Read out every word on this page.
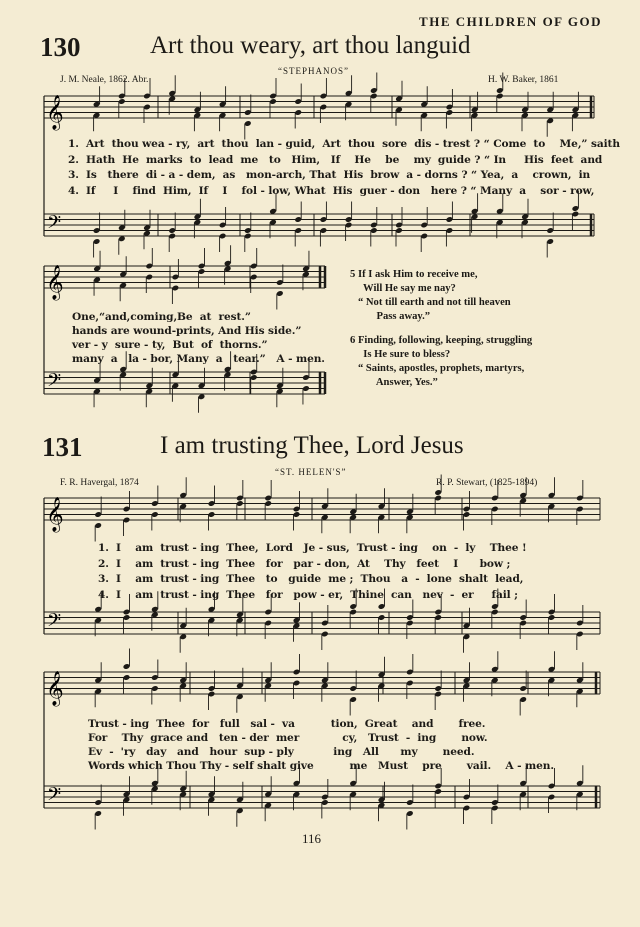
THE CHILDREN OF GOD
130	Art thou weary, art thou languid
“STEPHANOS”
J. M. Neale, 1862. Abr.	H. W. Baker, 1861
1.  Art  thou wea - ry,  art  thou  lan - guid,  Art  thou  sore  dis - trest ? “ Come  to    Me,” saith
2.  Hath  He  marks  to  lead  me   to   Him,   If    He    be    my  guide ? “ In     His  feet  and
3.  Is   there  di - a - dem,  as   mon-arch, That  His  brow  a - dorns ? “ Yea,  a    crown,  in
4.  If     I    find  Him,  If    I    fol - low, What  His  guer - don   here ? “ Many  a    sor - row,
One,“and,coming,Be  at  rest.”
hands are wound-prints, And His side.”
ver - y  sure - ty,  But  of  thorns.”
many  a   la - bor, Many  a   tear.”   A - men.
5 If I ask Him to receive me,
Will He say me nay?
“ Not till earth and not till heaven
Pass away.”
6 Finding, following, keeping, struggling
Is He sure to bless?
“ Saints, apostles, prophets, martyrs,
Answer, Yes.”
131	I am trusting Thee, Lord Jesus
“ST. HELEN'S”
F. R. Havergal, 1874	R. P. Stewart, (1825-1894)
1.  I    am  trust - ing  Thee,  Lord   Je - sus,  Trust - ing    on  -  ly    Thee !
2.  I    am  trust - ing  Thee   for   par - don,  At    Thy   feet    I      bow ;
3.  I    am  trust - ing  Thee   to   guide  me ;  Thou   a  -  lone  shalt  lead,
4.  I    am  trust - ing  Thee   for   pow - er,  Thine  can   nev  -  er     fail ;
Trust - ing  Thee  for   full   sal -  va          tion,  Great    and       free.
For    Thy  grace and   ten - der  mer            cy,   Trust  -  ing       now.
Ev  -  'ry   day   and   hour  sup - ply           ing   All      my       need.
Words which Thou Thy - self shalt give          me   Must    pre       vail.    A - men.
116
𝄞
𝄢
𝄞
𝄢
𝄞
𝄢
𝄞
𝄢
